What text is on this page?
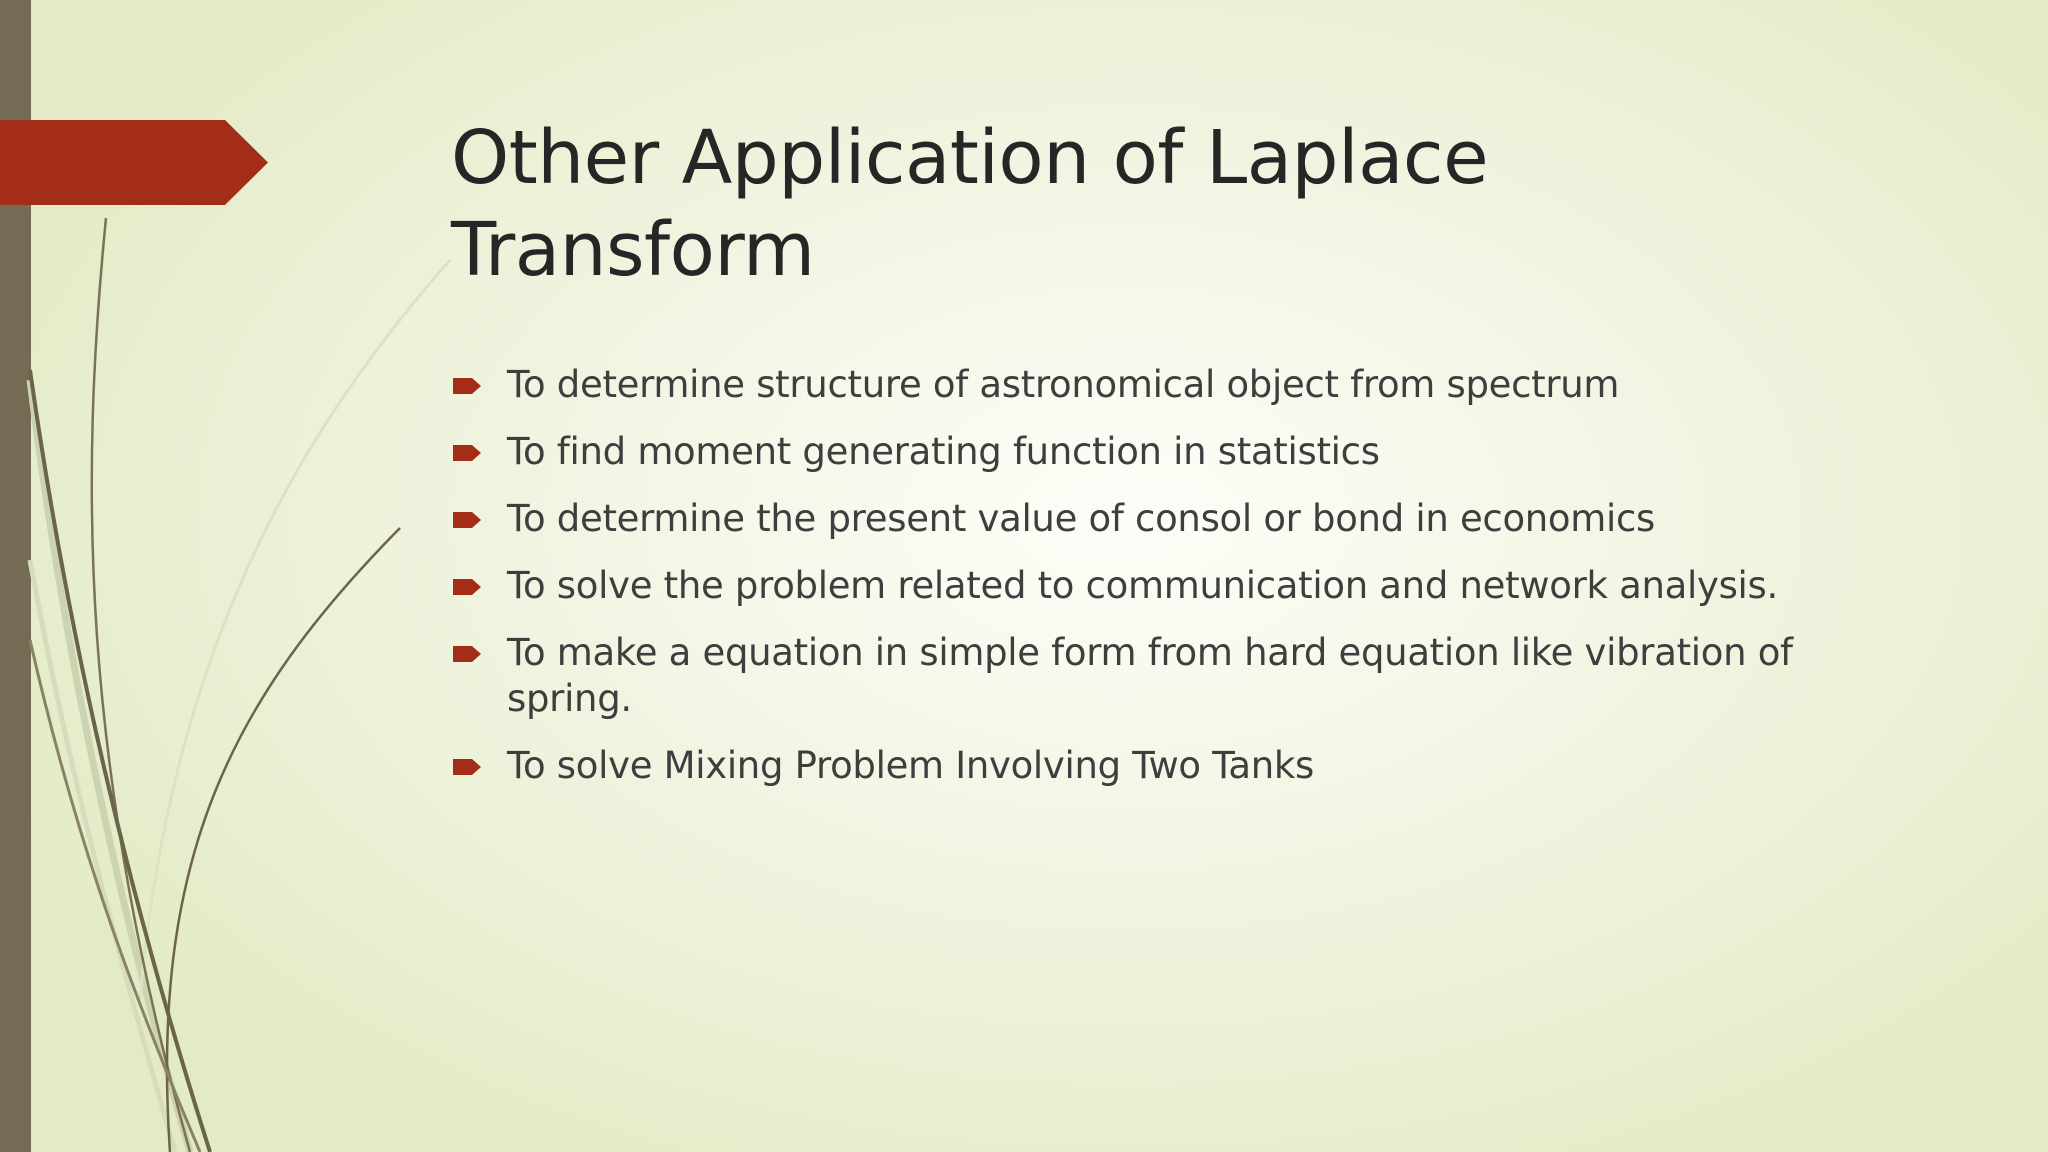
Other Application of Laplace Transform
To determine structure of astronomical object from spectrum
To find moment generating function in statistics
To determine the present value of consol or bond in economics
To solve the problem related to communication and network analysis.
To make a equation in simple form from hard equation like vibration of spring.
To solve Mixing Problem Involving Two Tanks
